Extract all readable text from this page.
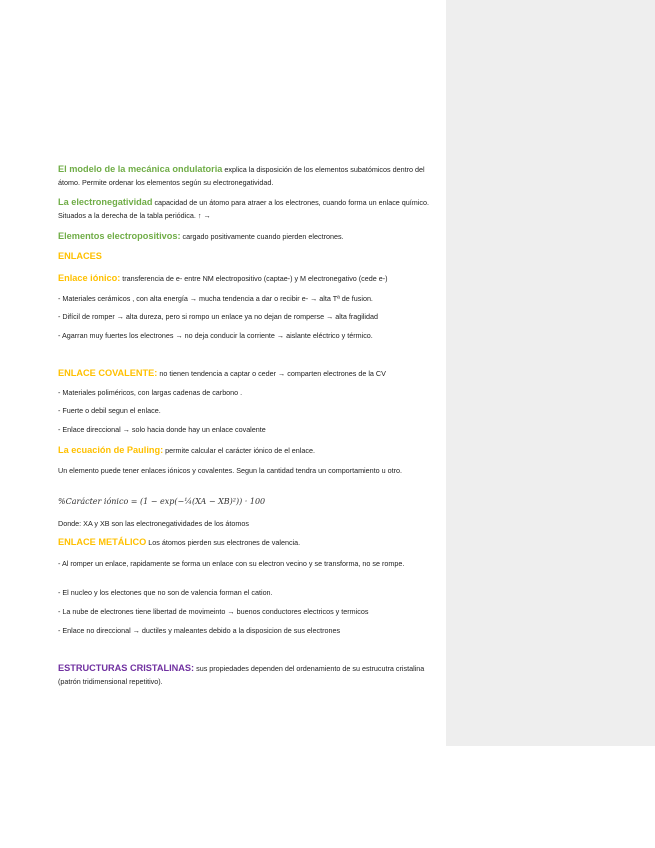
El modelo de la mecánica ondulatoria explica la disposición de los elementos subatómicos dentro del átomo. Permite ordenar los elementos según su electronegatividad.
La electronegatividad capacidad de un átomo para atraer a los electrones, cuando forma un enlace químico. Situados a la derecha de la tabla periódica. ↑ →
Elementos electropositivos: cargado positivamente cuando pierden electrones.
ENLACES
Enlace iónico: transferencia de e- entre NM electropositivo (captae-) y M electronegativo (cede e-)
- Materiales cerámicos , con alta energía → mucha tendencia a dar o recibir e- → alta Tª de fusion.
- Difícil de romper → alta dureza, pero si rompo un enlace ya no dejan de romperse → alta fragilidad
- Agarran muy fuertes los electrones → no deja conducir la corriente → aislante eléctrico y térmico.
ENLACE COVALENTE: no tienen tendencia a captar o ceder → comparten electrones de la CV
- Materiales poliméricos, con largas cadenas de carbono .
- Fuerte o debil segun el enlace.
- Enlace direccional → solo hacia donde hay un enlace covalente
La ecuación de Pauling: permite calcular el carácter iónico de el enlace.
Un elemento puede tener enlaces iónicos y covalentes. Segun la cantidad tendra un comportamiento u otro.
%Carácter iónico = (1 − exp(−¼(XA − XB)²)) · 100
Donde: XA y XB son las electronegatividades de los átomos
ENLACE METÁLICO Los átomos pierden sus electrones de valencia.
- Al romper un enlace, rapidamente se forma un enlace con su electron vecino y se transforma, no se rompe.
- El nucleo y los electones que no son de valencia forman el cation.
- La nube de electrones tiene libertad de movimeinto → buenos conductores electricos y termicos
- Enlace no direccional → ductiles y maleantes debido a la disposicion de sus electrones
ESTRUCTURAS CRISTALINAS: sus propiedades dependen del ordenamiento de su estrucutra cristalina (patrón tridimensional repetitivo).
